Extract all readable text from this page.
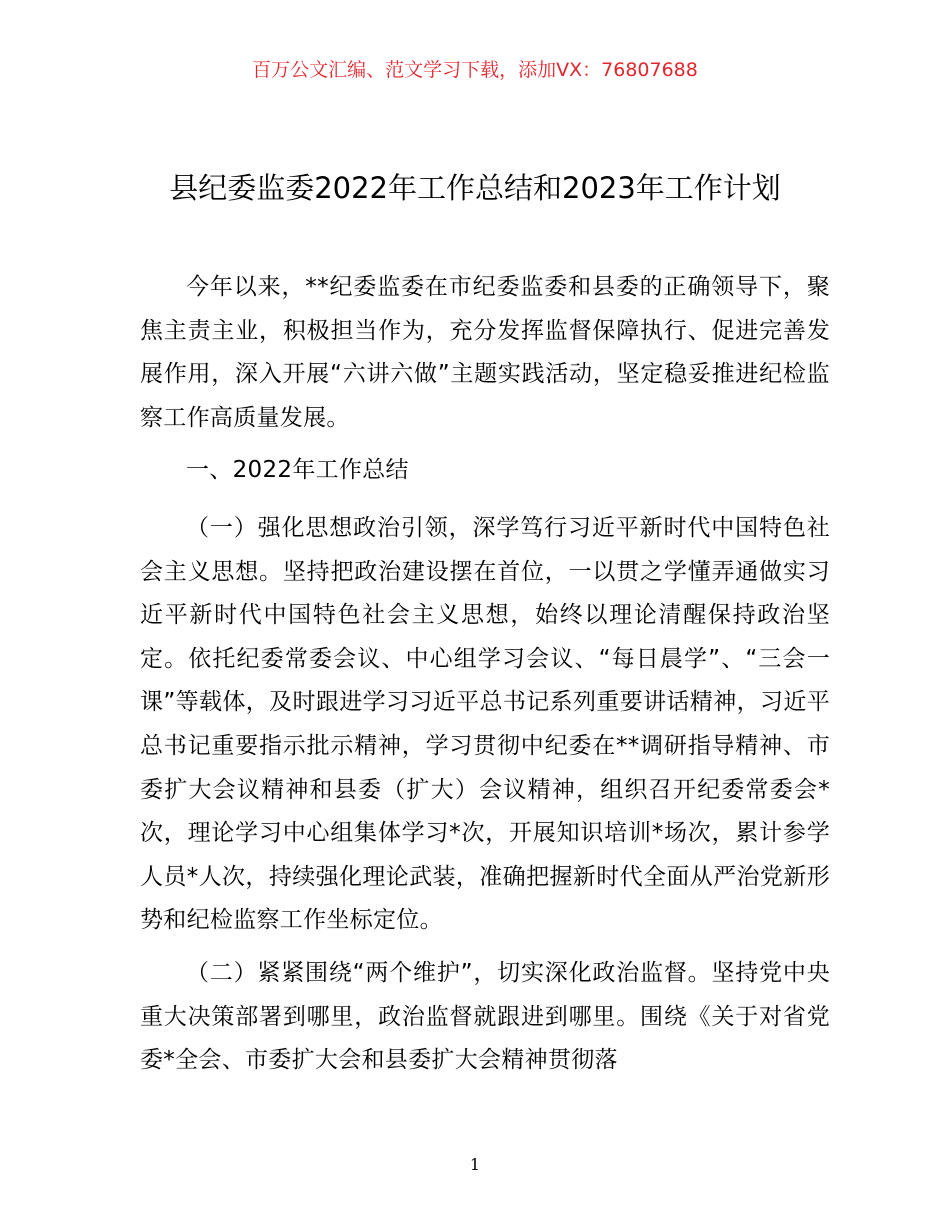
百万公文汇编、范文学习下载，添加VX：76807688
县纪委监委2022年工作总结和2023年工作计划

今年以来，**纪委监委在市纪委监委和县委的正确领导下，聚焦主责主业，积极担当作为，充分发挥监督保障执行、促进完善发展作用，深入开展“六讲六做”主题实践活动，坚定稳妥推进纪检监察工作高质量发展。

一、2022年工作总结

（一）强化思想政治引领，深学笃行习近平新时代中国特色社会主义思想。坚持把政治建设摆在首位，一以贯之学懂弄通做实习近平新时代中国特色社会主义思想，始终以理论清醒保持政治坚定。依托纪委常委会议、中心组学习会议、“每日晨学”、“三会一课”等载体，及时跟进学习习近平总书记系列重要讲话精神，习近平总书记重要指示批示精神，学习贯彻中纪委在**调研指导精神、市委扩大会议精神和县委（扩大）会议精神，组织召开纪委常委会*次，理论学习中心组集体学习*次，开展知识培训*场次，累计参学人员*人次，持续强化理论武装，准确把握新时代全面从严治党新形势和纪检监察工作坐标定位。

（二）紧紧围绕“两个维护”，切实深化政治监督。坚持党中央重大决策部署到哪里，政治监督就跟进到哪里。围绕《关于对省党委*全会、市委扩大会和县委扩大会精神贯彻落

1
